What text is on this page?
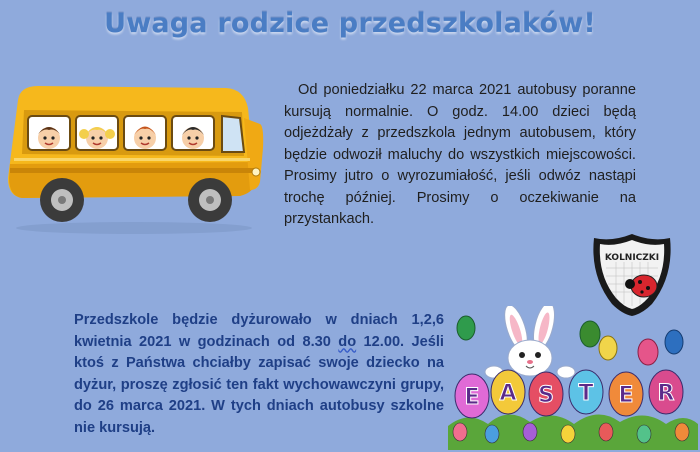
Uwaga rodzice przedszkolaków!
Od poniedziałku 22 marca 2021 autobusy poranne kursują normalnie. O godz. 14.00 dzieci będą odjeżdżały z przedszkola jednym autobusem, który będzie odwoził maluchy do wszystkich miejscowości. Prosimy jutro o wyrozumiałość, jeśli odwóz nastąpi trochę później. Prosimy o oczekiwanie na przystankach.
KOLNICZKI
Przedszkole będzie dyżurowało w dniach 1,2,6 kwietnia 2021 w godzinach od 8.30 do 12.00. Jeśli ktoś z Państwa chciałby zapisać swoje dziecko na dyżur, proszę zgłosić ten fakt wychowawczyni grupy, do 26 marca 2021. W tych dniach autobusy szkolne nie kursują.
E A S T E R
